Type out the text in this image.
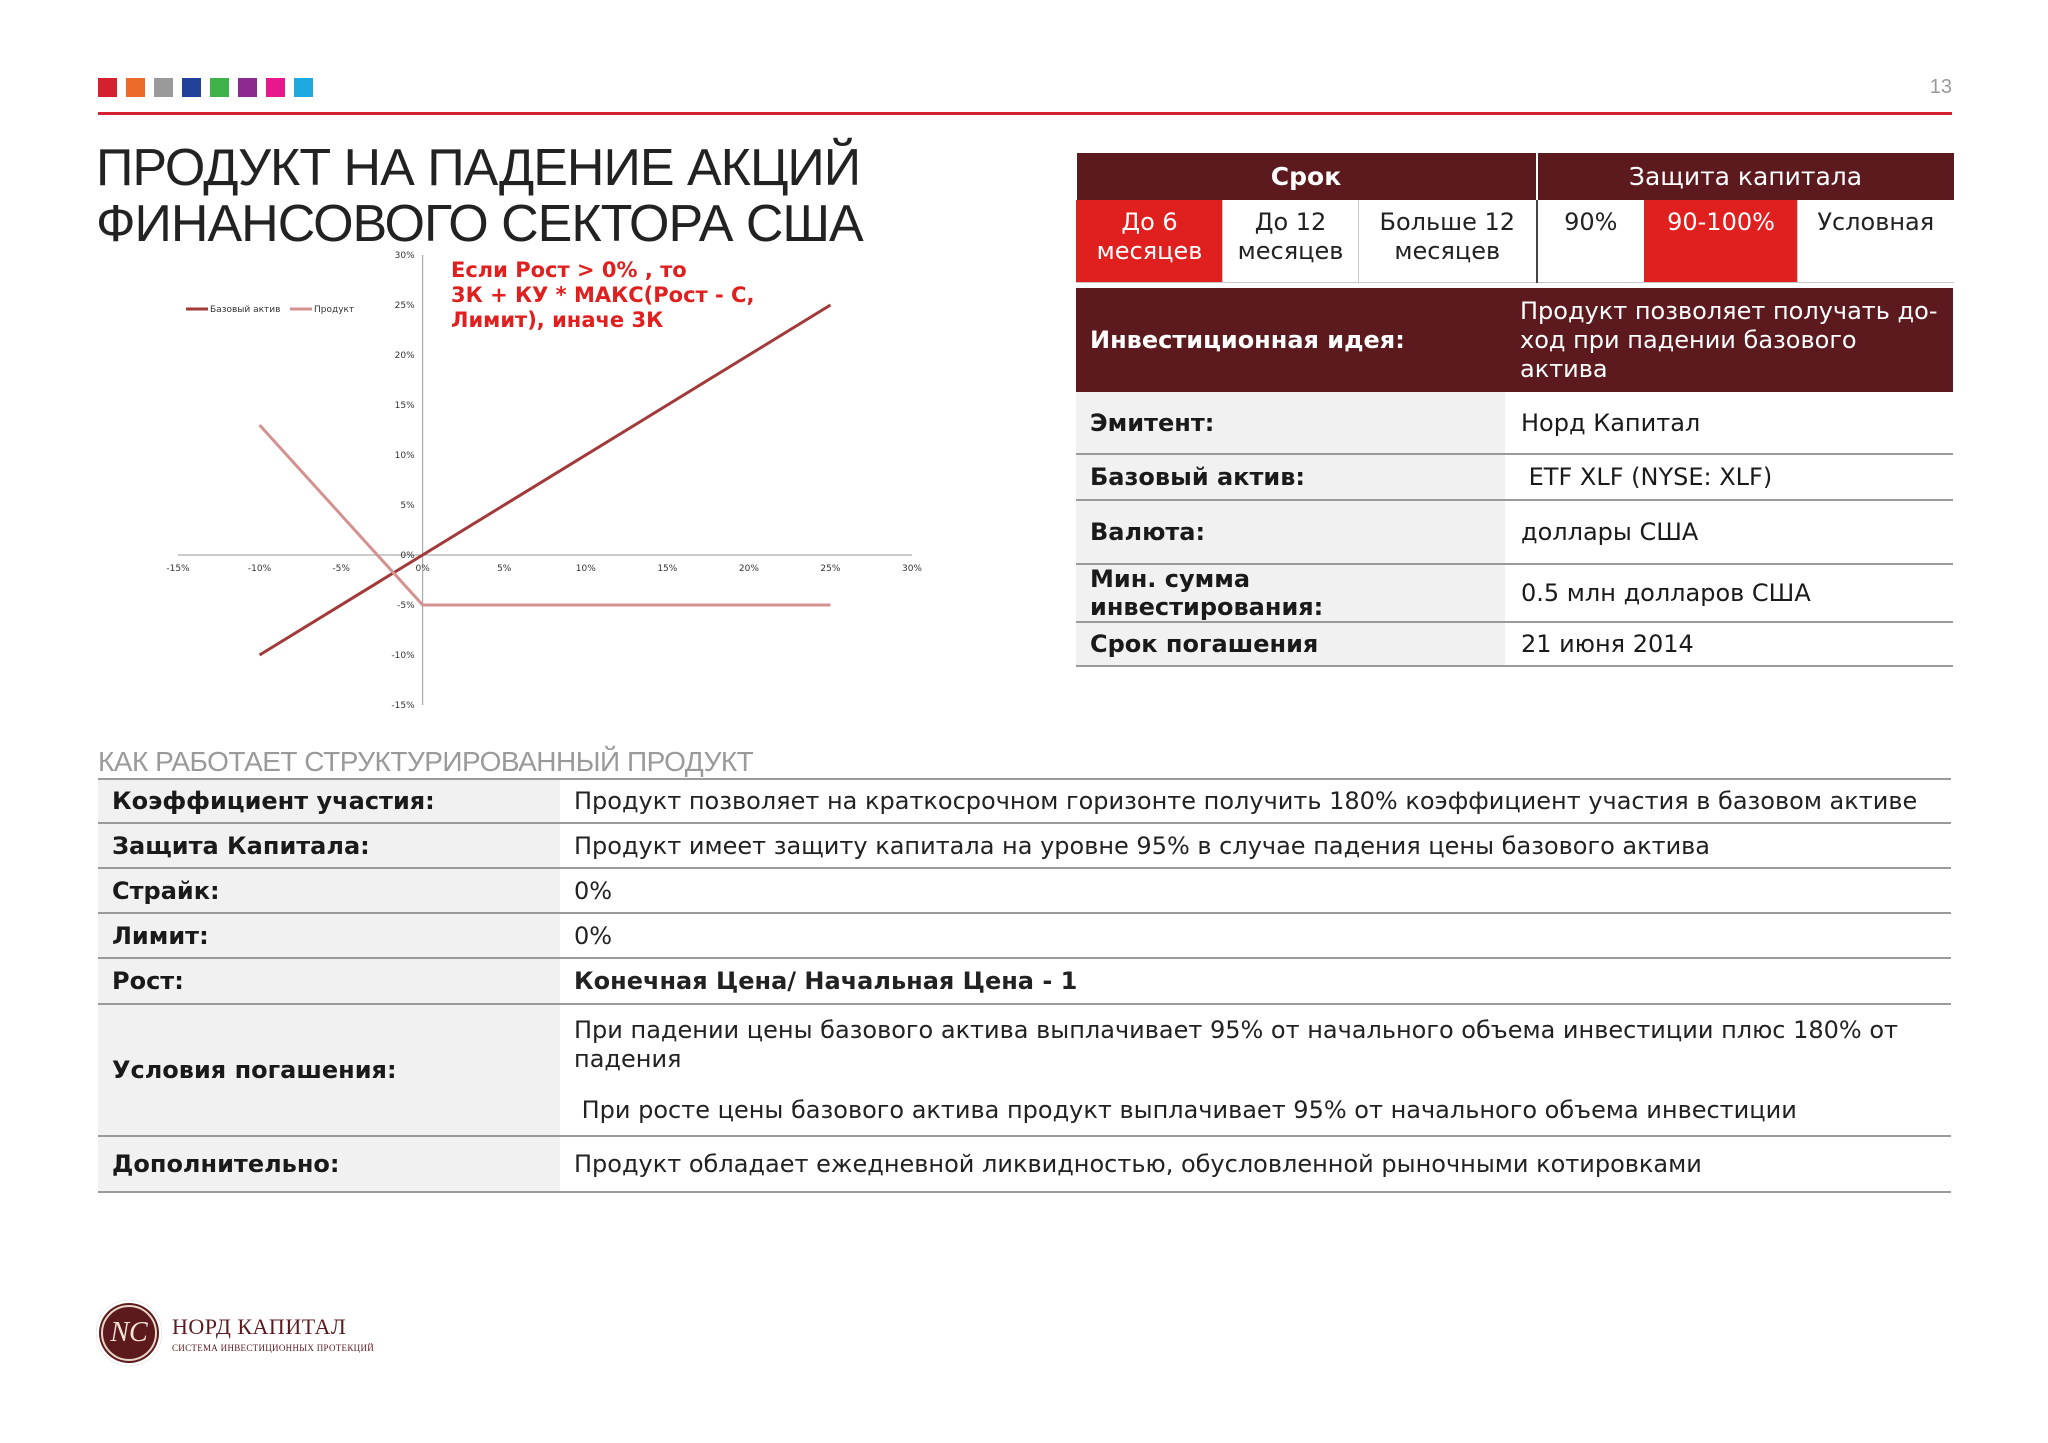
13
ПРОДУКТ НА ПАДЕНИЕ АКЦИЙ ФИНАНСОВОГО СЕКТОРА США
-15%	-10%	-5%	0%	5%	10%	15%	20%	25%	30%
30%
25%
20%
15%
10%
5%
0%
-5%
-10%
-15%
Базовый актив	Продукт
Если Рост > 0% , то
3К + КУ * МАКС(Рост - С,
Лимит), иначе 3К
Срок			Защита капитала		
До 6 месяцев	До 12 месяцев	Больше 12 месяцев	90%	90-100%	Условная
Инвестиционная идея:	Продукт позволяет получать до-ход при падении базового актива
Эмитент:	Норд Капитал
Базовый актив:	ETF XLF (NYSE: XLF)
Валюта:	доллары США
Мин. сумма инвестирования:	0.5 млн долларов США
Срок погашения	21 июня 2014
КАК РАБОТАЕТ СТРУКТУРИРОВАННЫЙ ПРОДУКТ
Коэффициент участия:	Продукт позволяет на краткосрочном горизонте получить 180% коэффициент участия в базовом активе
Защита Капитала:	Продукт имеет защиту капитала на уровне 95% в случае падения цены базового актива
Страйк:	0%
Лимит:	0%
Рост:	Конечная Цена/ Начальная Цена - 1
Условия погашения:	При падении цены базового актива выплачивает 95% от начального объема инвестиции плюс 180% от падения
При росте цены базового актива продукт выплачивает 95% от начального объема инвестиции

Дополнительно:	Продукт обладает ежедневной ликвидностью, обусловленной рыночными котировками
NC	НОРД КАПИТАЛ
СИСТЕМА ИНВЕСТИЦИОННЫХ ПРОТЕКЦИЙ
